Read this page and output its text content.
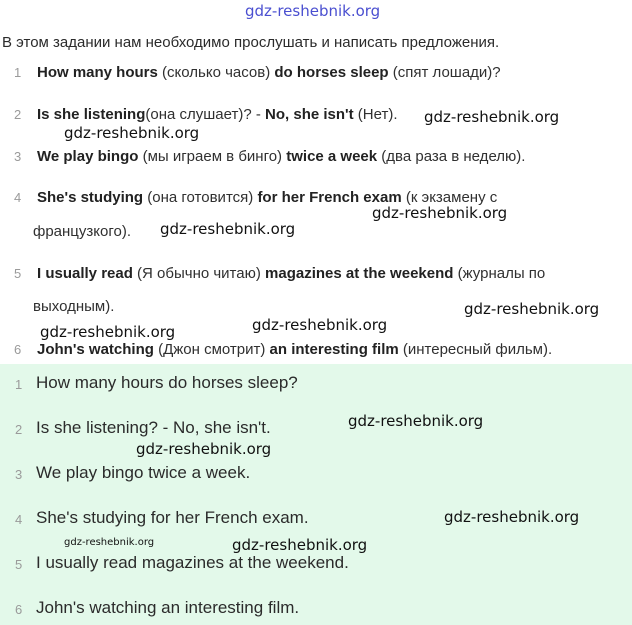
gdz-reshebnik.org
В этом задании нам необходимо прослушать и написать предложения.
1 How many hours (сколько часов) do horses sleep (спят лошади)?
2 Is she listening(она слушает)? - No, she isn't (Нет).
3 We play bingo (мы играем в бинго) twice a week (два раза в неделю).
4 She's studying (она готовится) for her French exam (к экзамену с
французкого).
5 I usually read (Я обычно читаю) magazines at the weekend (журналы по
выходным).
6 John's watching (Джон смотрит) an interesting film (интересный фильм).
1 How many hours do horses sleep?
2 Is she listening? - No, she isn't.
3 We play bingo twice a week.
4 She's studying for her French exam.
5 I usually read magazines at the weekend.
6 John's watching an interesting film.
gdz-reshebnik.org
gdz-reshebnik.org
gdz-reshebnik.org
gdz-reshebnik.org
gdz-reshebnik.org
gdz-reshebnik.org
gdz-reshebnik.org
gdz-reshebnik.org
gdz-reshebnik.org
gdz-reshebnik.org
gdz-reshebnik.org	gdz-reshebnik.org
